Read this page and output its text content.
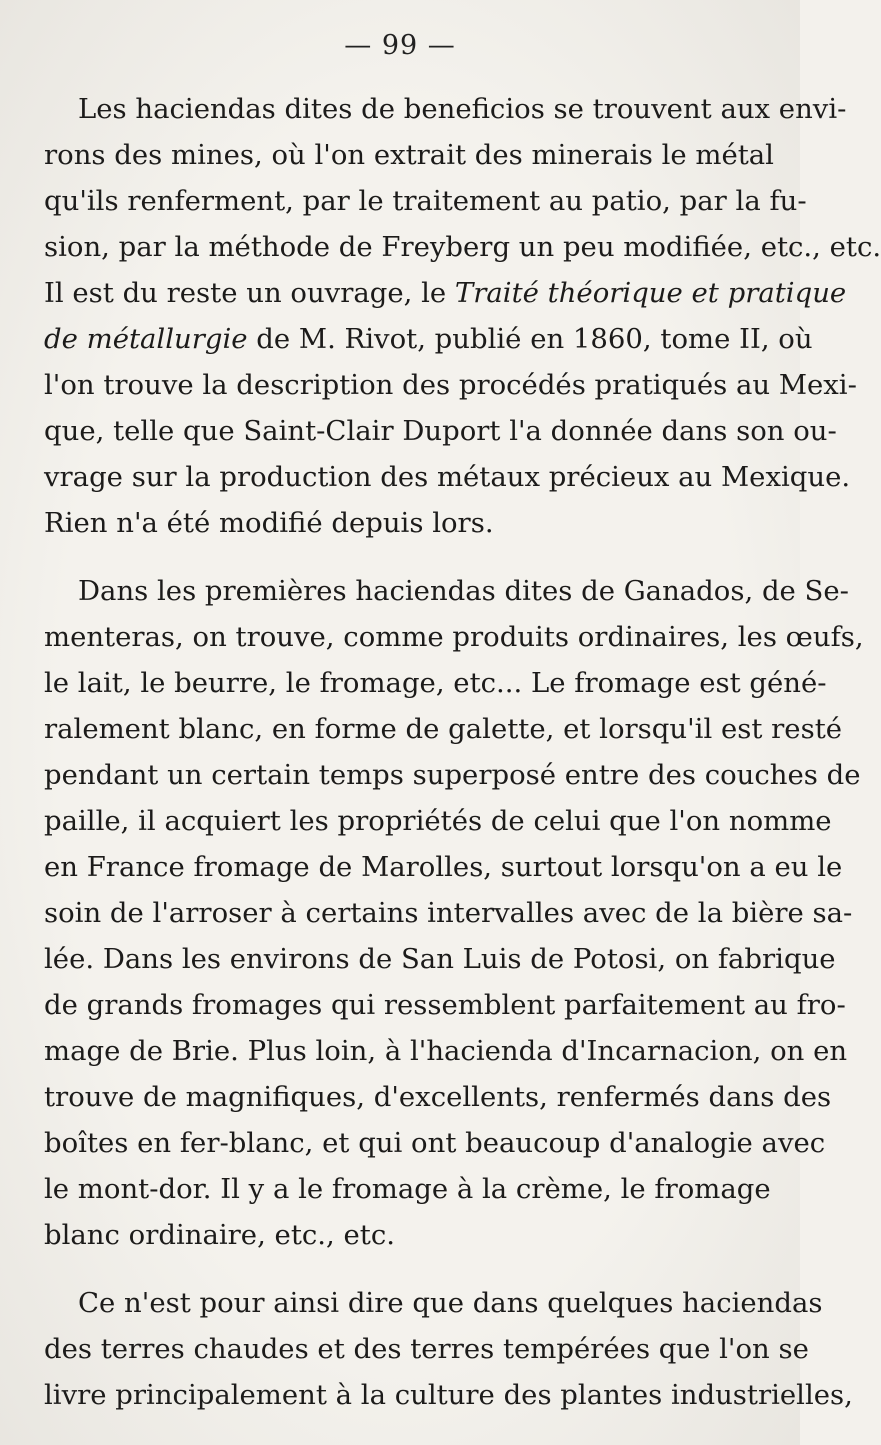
— 99 —
Les haciendas dites de beneficios se trouvent aux envi-
rons des mines, où l'on extrait des minerais le métal
qu'ils renferment, par le traitement au patio, par la fu-
sion, par la méthode de Freyberg un peu modifiée, etc., etc.
Il est du reste un ouvrage, le Traité théorique et pratique
de métallurgie de M. Rivot, publié en 1860, tome II, où
l'on trouve la description des procédés pratiqués au Mexi-
que, telle que Saint-Clair Duport l'a donnée dans son ou-
vrage sur la production des métaux précieux au Mexique.
Rien n'a été modifié depuis lors.
Dans les premières haciendas dites de Ganados, de Se-
menteras, on trouve, comme produits ordinaires, les œufs,
le lait, le beurre, le fromage, etc... Le fromage est géné-
ralement blanc, en forme de galette, et lorsqu'il est resté
pendant un certain temps superposé entre des couches de
paille, il acquiert les propriétés de celui que l'on nomme
en France fromage de Marolles, surtout lorsqu'on a eu le
soin de l'arroser à certains intervalles avec de la bière sa-
lée. Dans les environs de San Luis de Potosi, on fabrique
de grands fromages qui ressemblent parfaitement au fro-
mage de Brie. Plus loin, à l'hacienda d'Incarnacion, on en
trouve de magnifiques, d'excellents, renfermés dans des
boîtes en fer-blanc, et qui ont beaucoup d'analogie avec
le mont-dor. Il y a le fromage à la crème, le fromage
blanc ordinaire, etc., etc.
Ce n'est pour ainsi dire que dans quelques haciendas
des terres chaudes et des terres tempérées que l'on se
livre principalement à la culture des plantes industrielles,
